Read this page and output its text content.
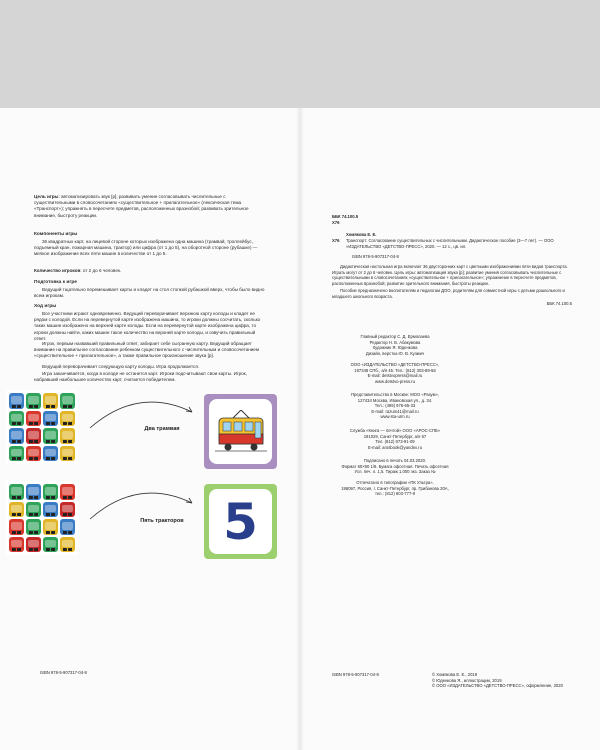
Цель игры: автоматизировать звук [р]; развивать умение согласовывать числительные с существительными в словосочетаниях «существительное + прилагательное» (лексическая тема «Транспорт»); упражнять в пересчете предметов, расположенных вразнобой; развивать зрительное внимание, быстроту реакции.
Компоненты игры
36 квадратных карт, на лицевой стороне которых изображена одна машина (трамвай, троллейбус, подъемный кран, пожарная машина, трактор) или цифра (от 1 до 5), на оборотной стороне (рубашке) — мелкое изображение всех пяти машин в количестве от 1 до 5.
Количество игроков: от 2 до 6 человек.
Подготовка к игре
Ведущий тщательно перемешивает карты и кладет на стол стопкой рубашкой вверх, чтобы было видно всем игрокам.
Ход игры
Все участники играют одновременно. Ведущий переворачивает верхнюю карту колоды и кладет ее рядом с колодой. Если на перевернутой карте изображена машина, то игроки должны сосчитать, сколько таких машин изображено на верхней карте колоды. Если на перевернутой карте изображена цифра, то игроки должны найти, каких машин такое количество на верхней карте колоды, и озвучить правильный ответ.
Игрок, первым назвавший правильный ответ, забирает себе сыгранную карту. Ведущий обращает внимание на правильное согласование ребенком существительного с числительным и словосочетанием «существительное + прилагательное», а также правильное произношение звука [р].
Ведущий переворачивает следующую карту колоды. Игра продолжается.
Игра заканчивается, когда в колоде не останется карт. Игроки подсчитывают свои карты. Игрок, набравший наибольшее количество карт, считается победителем.
Два трамвая
Пять тракторов 5
ISBN 978-5-907317-04-8
ББК 74.100.5
Х76
Хомякова Е. Е.
Х76	Транспорт: Согласование существительных с числительными. Дидактическое пособие (3—7 лет). — ООО «ИЗДАТЕЛЬСТВО «ДЕТСТВО-ПРЕСС», 2020. — 12 с., цв. ил.
ISBN 978-5-907317-04-8
Дидактическая настольная игра включает 36 двусторонних карт с цветными изображениями пяти видов транспорта. Играть могут от 2 до 6 человек. Цель игры: автоматизация звука [р]; развитие умения согласовывать числительные с существительными в словосочетаниях «существительное + прилагательное»; упражнение в пересчете предметов, расположенных вразнобой; развитие зрительного внимания, быстроты реакции.
Пособие предназначено воспитателям и педагогам ДОО, родителям для совместной игры с детьми дошкольного и младшего школьного возраста.
ББК 74.100.5
Главный редактор С. Д. Ермолаева
Редактор Н. В. Абакумова
Художник Я. Юденкова
Дизайн, верстка Ю. В. Кузмич
ООО «ИЗДАТЕЛЬСТВО «ДЕТСТВО-ПРЕСС»,
197348 СПб., а/я 45. Тел.: (812) 303-89-58
E-mail: detstvopress@mail.ru
www.detstvo-press.ru
Представительство в Москве: МОО «Разум»,
127434 Москва, Ивановская ул., д. 34.
Тел.: (499) 976-65-33
E-mail: razum41@mail.ru
www.sta-urm.ru
Служба «Книга — почтой» ООО «АРОС-СПБ»
191029, Санкт-Петербург, а/я 57
Тел. (812) 973-91-09
E-mail: arosbook@yandex.ru
Подписано в печать 04.03.2020.
Формат 60×90 1/8. Бумага офсетная. Печать офсетная
Усл. печ. л. 1,5. Тираж 1.000 экз. Заказ №
Отпечатано в типографии «ПК Ультра»,
198097, Россия, г. Санкт-Петербург, пр. Грибанова 20А,
тел.: (812) 603-777-9
ISBN 978-5-907317-04-8	© Хомякова Е. Е., 2019
© Юденкова Я., иллюстрации, 2019
© ООО «ИЗДАТЕЛЬСТВО «ДЕТСТВО-ПРЕСС», оформление, 2020
